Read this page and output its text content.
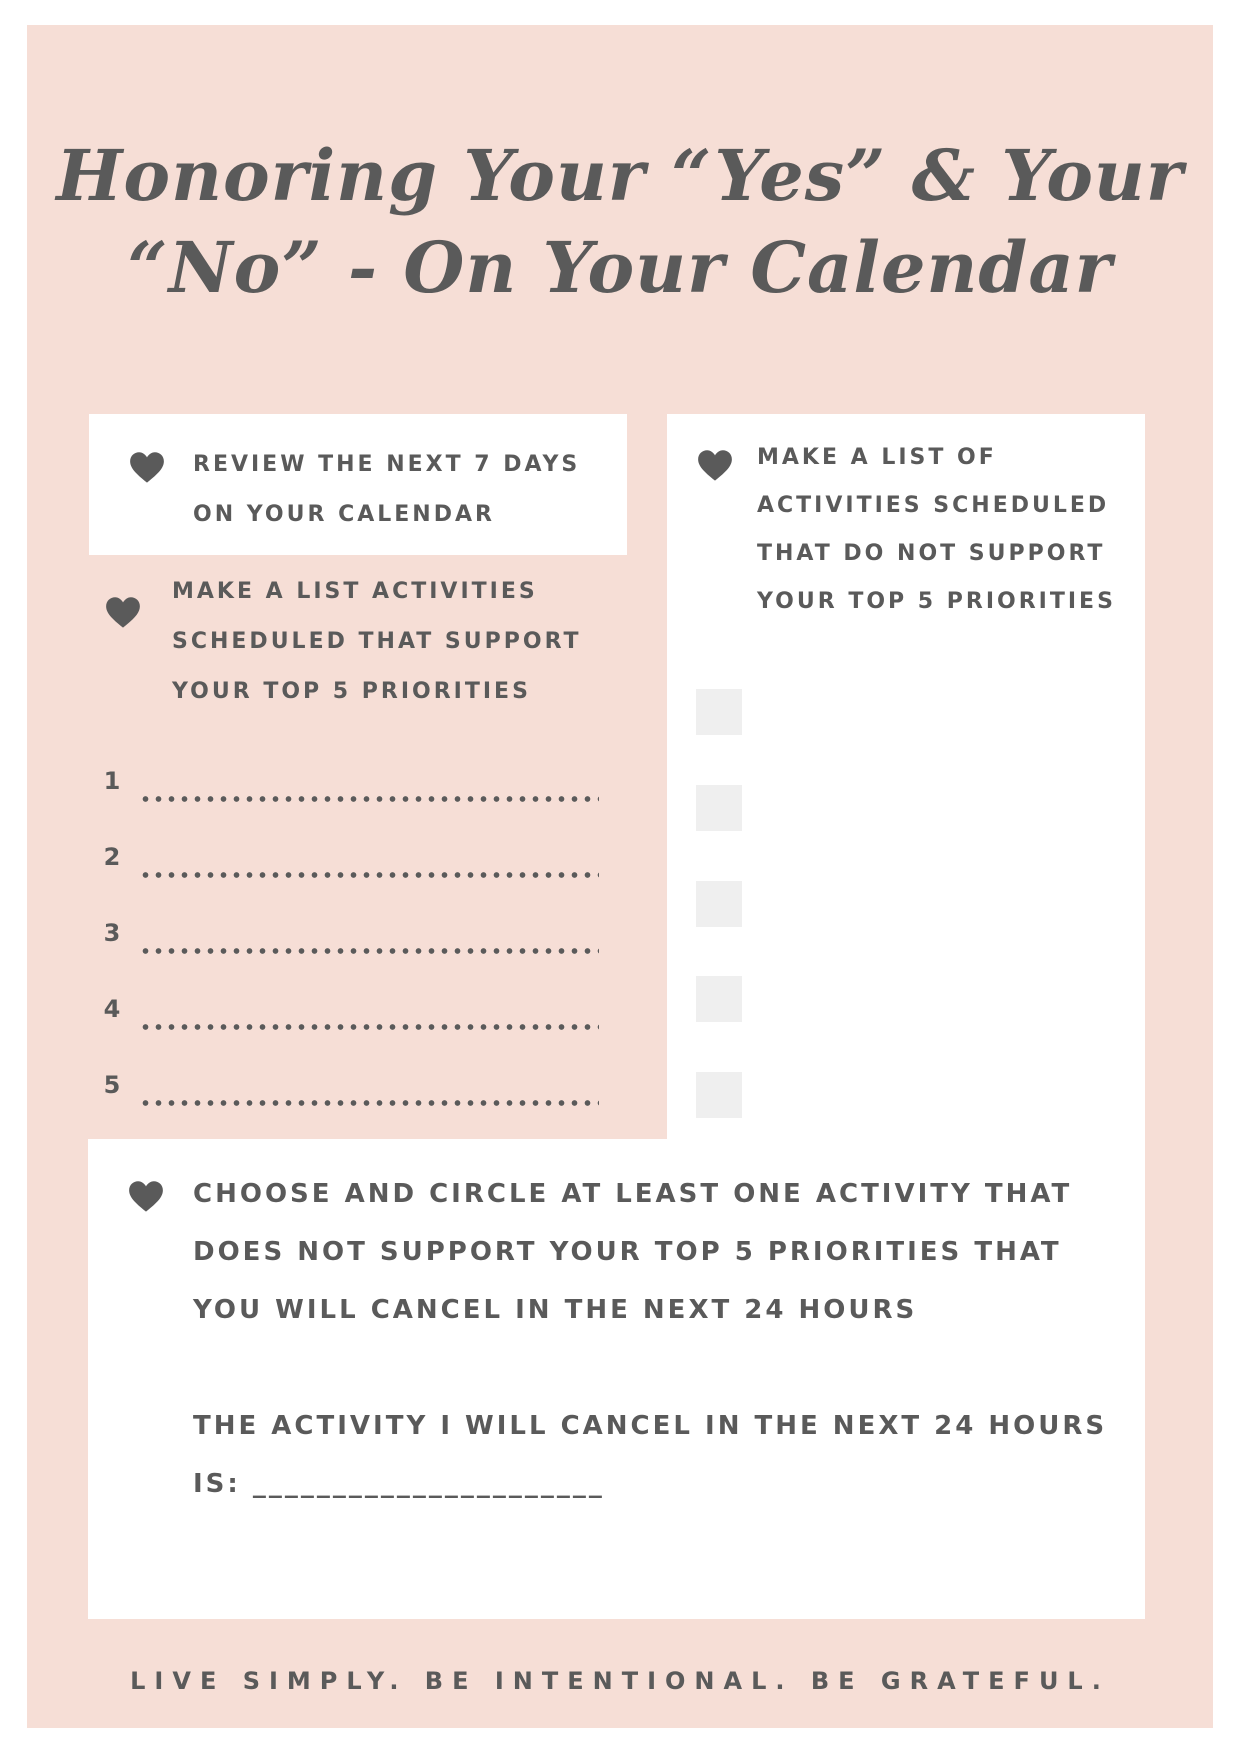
Honoring Your “Yes” & Your
“No” - On Your Calendar
REVIEW THE NEXT 7 DAYS ON YOUR CALENDAR
MAKE A LIST ACTIVITIES SCHEDULED THAT SUPPORT YOUR TOP 5 PRIORITIES
1
2
3
4
5
MAKE A LIST OF ACTIVITIES SCHEDULED THAT DO NOT SUPPORT YOUR TOP 5 PRIORITIES
CHOOSE AND CIRCLE AT LEAST ONE ACTIVITY THAT DOES NOT SUPPORT YOUR TOP 5 PRIORITIES THAT YOU WILL CANCEL IN THE NEXT 24 HOURS
THE ACTIVITY I WILL CANCEL IN THE NEXT 24 HOURS IS: ______________________
LIVE SIMPLY. BE INTENTIONAL. BE GRATEFUL.
